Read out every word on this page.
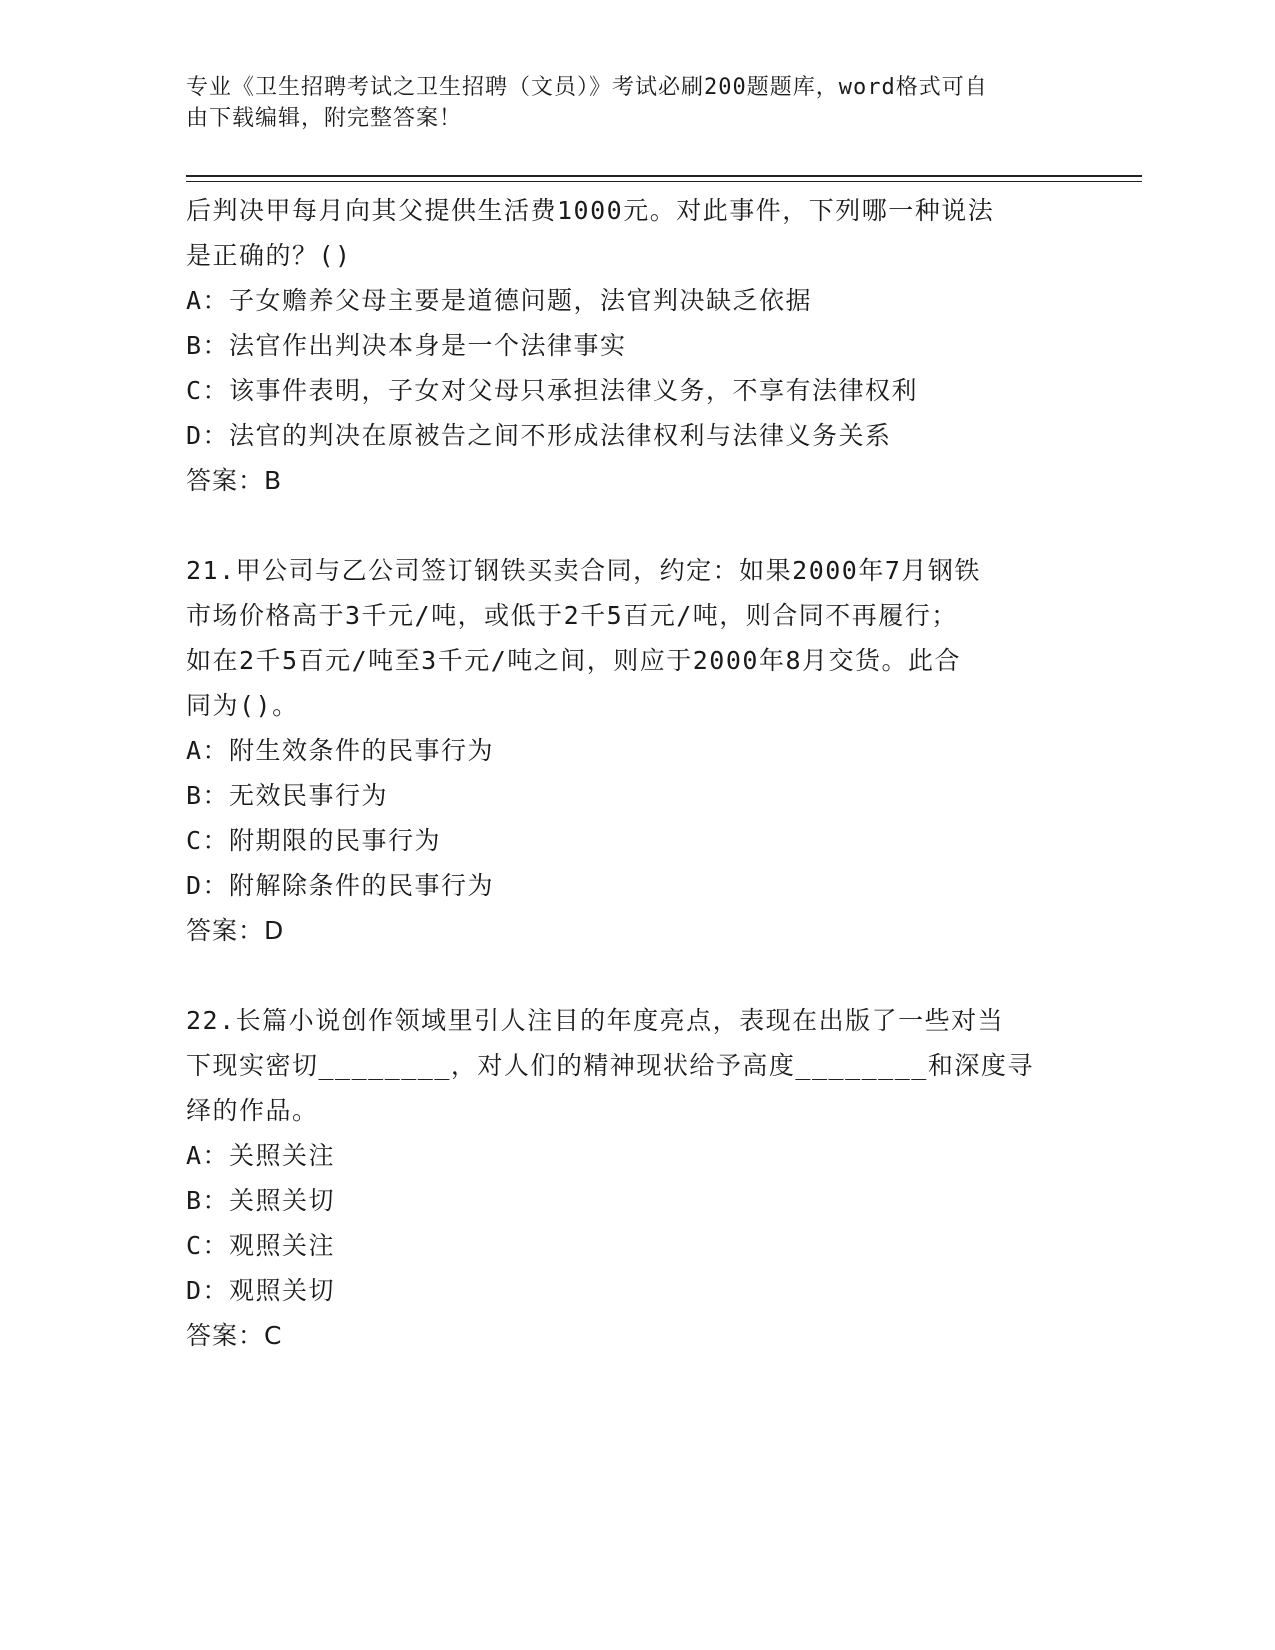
专业《卫生招聘考试之卫生招聘（文员）》考试必刷200题题库，word格式可自
由下载编辑，附完整答案！
后判决甲每月向其父提供生活费1000元。对此事件，下列哪一种说法
是正确的？()
A：子女赡养父母主要是道德问题，法官判决缺乏依据
B：法官作出判决本身是一个法律事实
C：该事件表明，子女对父母只承担法律义务，不享有法律权利
D：法官的判决在原被告之间不形成法律权利与法律义务关系
答案：B
21.甲公司与乙公司签订钢铁买卖合同，约定：如果2000年7月钢铁
市场价格高于3千元/吨，或低于2千5百元/吨，则合同不再履行；
如在2千5百元/吨至3千元/吨之间，则应于2000年8月交货。此合
同为()。
A：附生效条件的民事行为
B：无效民事行为
C：附期限的民事行为
D：附解除条件的民事行为
答案：D
22.长篇小说创作领域里引人注目的年度亮点，表现在出版了一些对当
下现实密切________，对人们的精神现状给予高度________和深度寻
绎的作品。
A：关照关注
B：关照关切
C：观照关注
D：观照关切
答案：C
